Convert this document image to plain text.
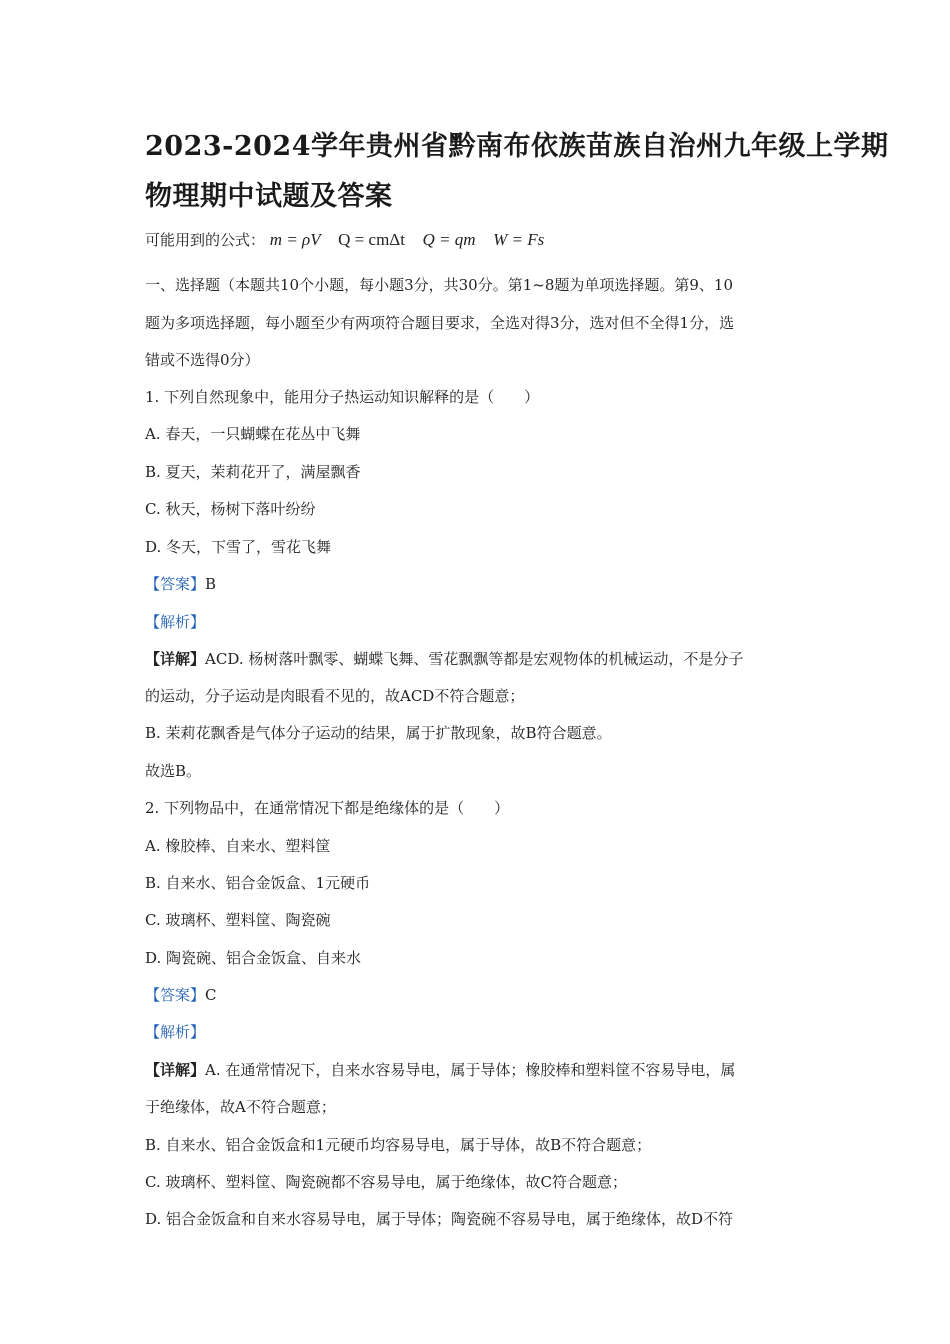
2023-2024学年贵州省黔南布依族苗族自治州九年级上学期
物理期中试题及答案
可能用到的公式： m = ρV Q = cmΔt Q = qm W = Fs
一、选择题（本题共10个小题，每小题3分，共30分。第1~8题为单项选择题。第9、10
题为多项选择题，每小题至少有两项符合题目要求，全选对得3分，选对但不全得1分，选
错或不选得0分）
1. 下列自然现象中，能用分子热运动知识解释的是（　　）
A. 春天，一只蝴蝶在花丛中飞舞
B. 夏天，茉莉花开了，满屋飘香
C. 秋天，杨树下落叶纷纷
D. 冬天，下雪了，雪花飞舞
【答案】B
【解析】
【详解】ACD. 杨树落叶飘零、蝴蝶飞舞、雪花飘飘等都是宏观物体的机械运动，不是分子
的运动，分子运动是肉眼看不见的，故ACD不符合题意；
B. 茉莉花飘香是气体分子运动的结果，属于扩散现象，故B符合题意。
故选B。
2. 下列物品中，在通常情况下都是绝缘体的是（　　）
A. 橡胶棒、自来水、塑料筐
B. 自来水、铝合金饭盒、1元硬币
C. 玻璃杯、塑料筐、陶瓷碗
D. 陶瓷碗、铝合金饭盒、自来水
【答案】C
【解析】
【详解】A. 在通常情况下，自来水容易导电，属于导体；橡胶棒和塑料筐不容易导电，属
于绝缘体，故A不符合题意；
B. 自来水、铝合金饭盒和1元硬币均容易导电，属于导体，故B不符合题意；
C. 玻璃杯、塑料筐、陶瓷碗都不容易导电，属于绝缘体，故C符合题意；
D. 铝合金饭盒和自来水容易导电，属于导体；陶瓷碗不容易导电，属于绝缘体，故D不符
